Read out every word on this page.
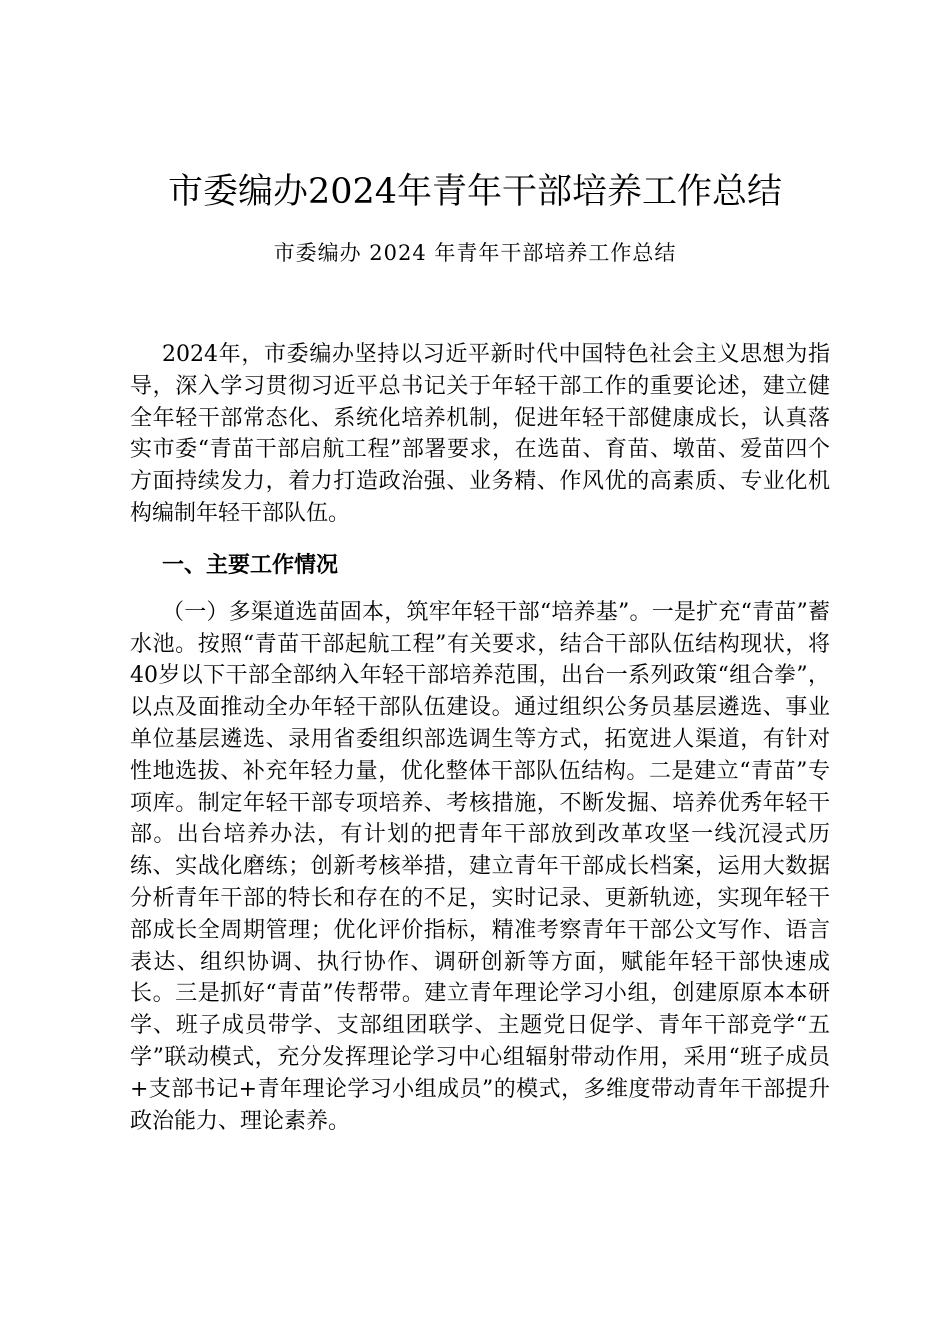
市委编办2024年青年干部培养工作总结
市委编办 2024 年青年干部培养工作总结

2024年，市委编办坚持以习近平新时代中国特色社会主义思想为指导，深入学习贯彻习近平总书记关于年轻干部工作的重要论述，建立健全年轻干部常态化、系统化培养机制，促进年轻干部健康成长，认真落实市委“青苗干部启航工程”部署要求，在选苗、育苗、墩苗、爱苗四个方面持续发力，着力打造政治强、业务精、作风优的高素质、专业化机构编制年轻干部队伍。

一、主要工作情况

（一）多渠道选苗固本，筑牢年轻干部“培养基”。一是扩充“青苗”蓄水池。按照“青苗干部起航工程”有关要求，结合干部队伍结构现状，将40岁以下干部全部纳入年轻干部培养范围，出台一系列政策“组合拳”，以点及面推动全办年轻干部队伍建设。通过组织公务员基层遴选、事业单位基层遴选、录用省委组织部选调生等方式，拓宽进人渠道，有针对性地选拔、补充年轻力量，优化整体干部队伍结构。二是建立“青苗”专项库。制定年轻干部专项培养、考核措施，不断发掘、培养优秀年轻干部。出台培养办法，有计划的把青年干部放到改革攻坚一线沉浸式历练、实战化磨练；创新考核举措，建立青年干部成长档案，运用大数据分析青年干部的特长和存在的不足，实时记录、更新轨迹，实现年轻干部成长全周期管理；优化评价指标，精准考察青年干部公文写作、语言表达、组织协调、执行协作、调研创新等方面，赋能年轻干部快速成长。三是抓好“青苗”传帮带。建立青年理论学习小组，创建原原本本研学、班子成员带学、支部组团联学、主题党日促学、青年干部竞学“五学”联动模式，充分发挥理论学习中心组辐射带动作用，采用“班子成员+支部书记+青年理论学习小组成员”的模式，多维度带动青年干部提升政治能力、理论素养。
